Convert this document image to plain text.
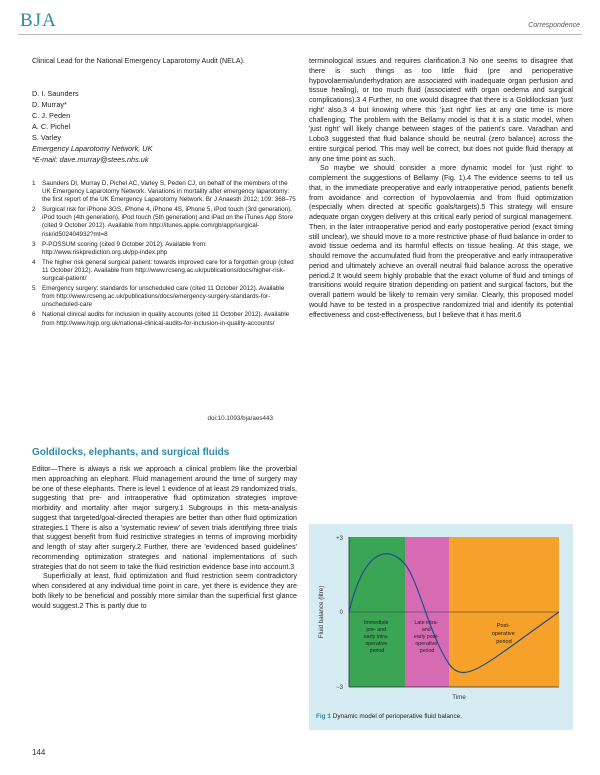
BJA	Correspondence

Clinical Lead for the National Emergency Laparotomy Audit (NELA).

D. I. Saunders
D. Murray*
C. J. Peden
A. C. Pichel
S. Varley
Emergency Laparotomy Network, UK
*E-mail: dave.murray@stees.nhs.uk
1	Saunders DI, Murray D, Pichel AC, Varley S, Peden CJ, on behalf of the members of the UK Emergency Laparotomy Network. Variations in mortality after emergency laparotomy: the first report of the UK Emergency Laparotomy Network. Br J Anaesth 2012; 109: 368–75
2	Surgical risk for iPhone 3GS, iPhone 4, iPhone 4S, iPhone 5, iPod touch (3rd generation), iPod touch (4th generation), iPod touch (5th generation) and iPad on the iTunes App Store (cited 9 October 2012). Available from http://itunes.apple.com/gb/app/surgical-risk/id502404932?mt=8
3	P-POSSUM scoring (cited 9 October 2012). Available from: http://www.riskprediction.org.uk/pp-index.php
4	The higher risk general surgical patient: towards improved care for a forgotten group (cited 11 October 2012). Available from http://www.rcseng.ac.uk/publications/docs/higher-risk-surgical-patient/
5	Emergency surgery: standards for unscheduled care (cited 11 October 2012). Available from http://www.rcseng.ac.uk/publications/docs/emergency-surgery-standards-for-unscheduled-care
6	National clinical audits for inclusion in quality accounts (cited 11 October 2012). Available from http://www.hqip.org.uk/national-clinical-audits-for-inclusion-in-quality-accounts/
doi:10.1093/bja/aes443
Goldilocks, elephants, and surgical fluids

Editor—There is always a risk we approach a clinical problem like the proverbial men approaching an elephant. Fluid management around the time of surgery may be one of these elephants. There is level 1 evidence of at least 29 randomized trials, suggesting that pre- and intraoperative fluid optimization strategies improve morbidity and mortality after major surgery.1 Subgroups in this meta-analysis suggest that targeted/goal-directed therapies are better than other fluid optimization strategies.1 There is also a 'systematic review' of seven trials identifying three trials that suggest benefit from fluid restrictive strategies in terms of improving morbidity and length of stay after surgery.2 Further, there are 'evidenced based guidelines' recommending optimization strategies and national implementations of such strategies that do not seem to take the fluid restriction evidence base into account.3

Superficially at least, fluid optimization and fluid restriction seem contradictory when considered at any individual time point in care, yet there is evidence they are both likely to be beneficial and possibly more similar than the superficial first glance would suggest.2 This is partly due to

terminological issues and requires clarification.3 No one seems to disagree that there is such things as too little fluid (pre and perioperative hypovolaemia/underhydration are associated with inadequate organ perfusion and tissue healing), or too much fluid (associated with organ oedema and surgical complications).3 4 Further, no one would disagree that there is a Goldilocksian 'just right' also,3 4 but knowing where this 'just right' lies at any one time is more challenging. The problem with the Bellamy model is that it is a static model, when 'just right' will likely change between stages of the patient's care. Varadhan and Lobo3 suggested that fluid balance should be neutral (zero balance) across the entire surgical period. This may well be correct, but does not guide fluid therapy at any one time point as such.

So maybe we should consider a more dynamic model for 'just right' to complement the suggestions of Bellamy (Fig. 1).4 The evidence seems to tell us that, in the immediate preoperative and early intraoperative period, patients benefit from avoidance and correction of hypovolaemia and from fluid optimization (especially when directed at specific goals/targets).5 This strategy will ensure adequate organ oxygen delivery at this critical early period of surgical management. Then, in the later intraoperative period and early postoperative period (exact timing still unclear), we should move to a more restrictive phase of fluid balance in order to avoid tissue oedema and its harmful effects on tissue healing. At this stage, we should remove the accumulated fluid from the preoperative and early intraoperative period and ultimately achieve an overall neutral fluid balance across the operative period.2 It would seem highly probable that the exact volume of fluid and timings of transitions would require titration depending on patient and surgical factors, but the overall pattern would be likely to remain very similar. Clearly, this proposed model would have to be tested in a prospective randomized trial and identify its potential effectiveness and cost-effectiveness, but I believe that it has merit.6

+3
0
−3
Fluid balance (litre)
Time
Immediate pre- and early intra- operative period
Late intra- and early post- operative period
Post- operative period
Fig 1 Dynamic model of perioperative fluid balance.
144
